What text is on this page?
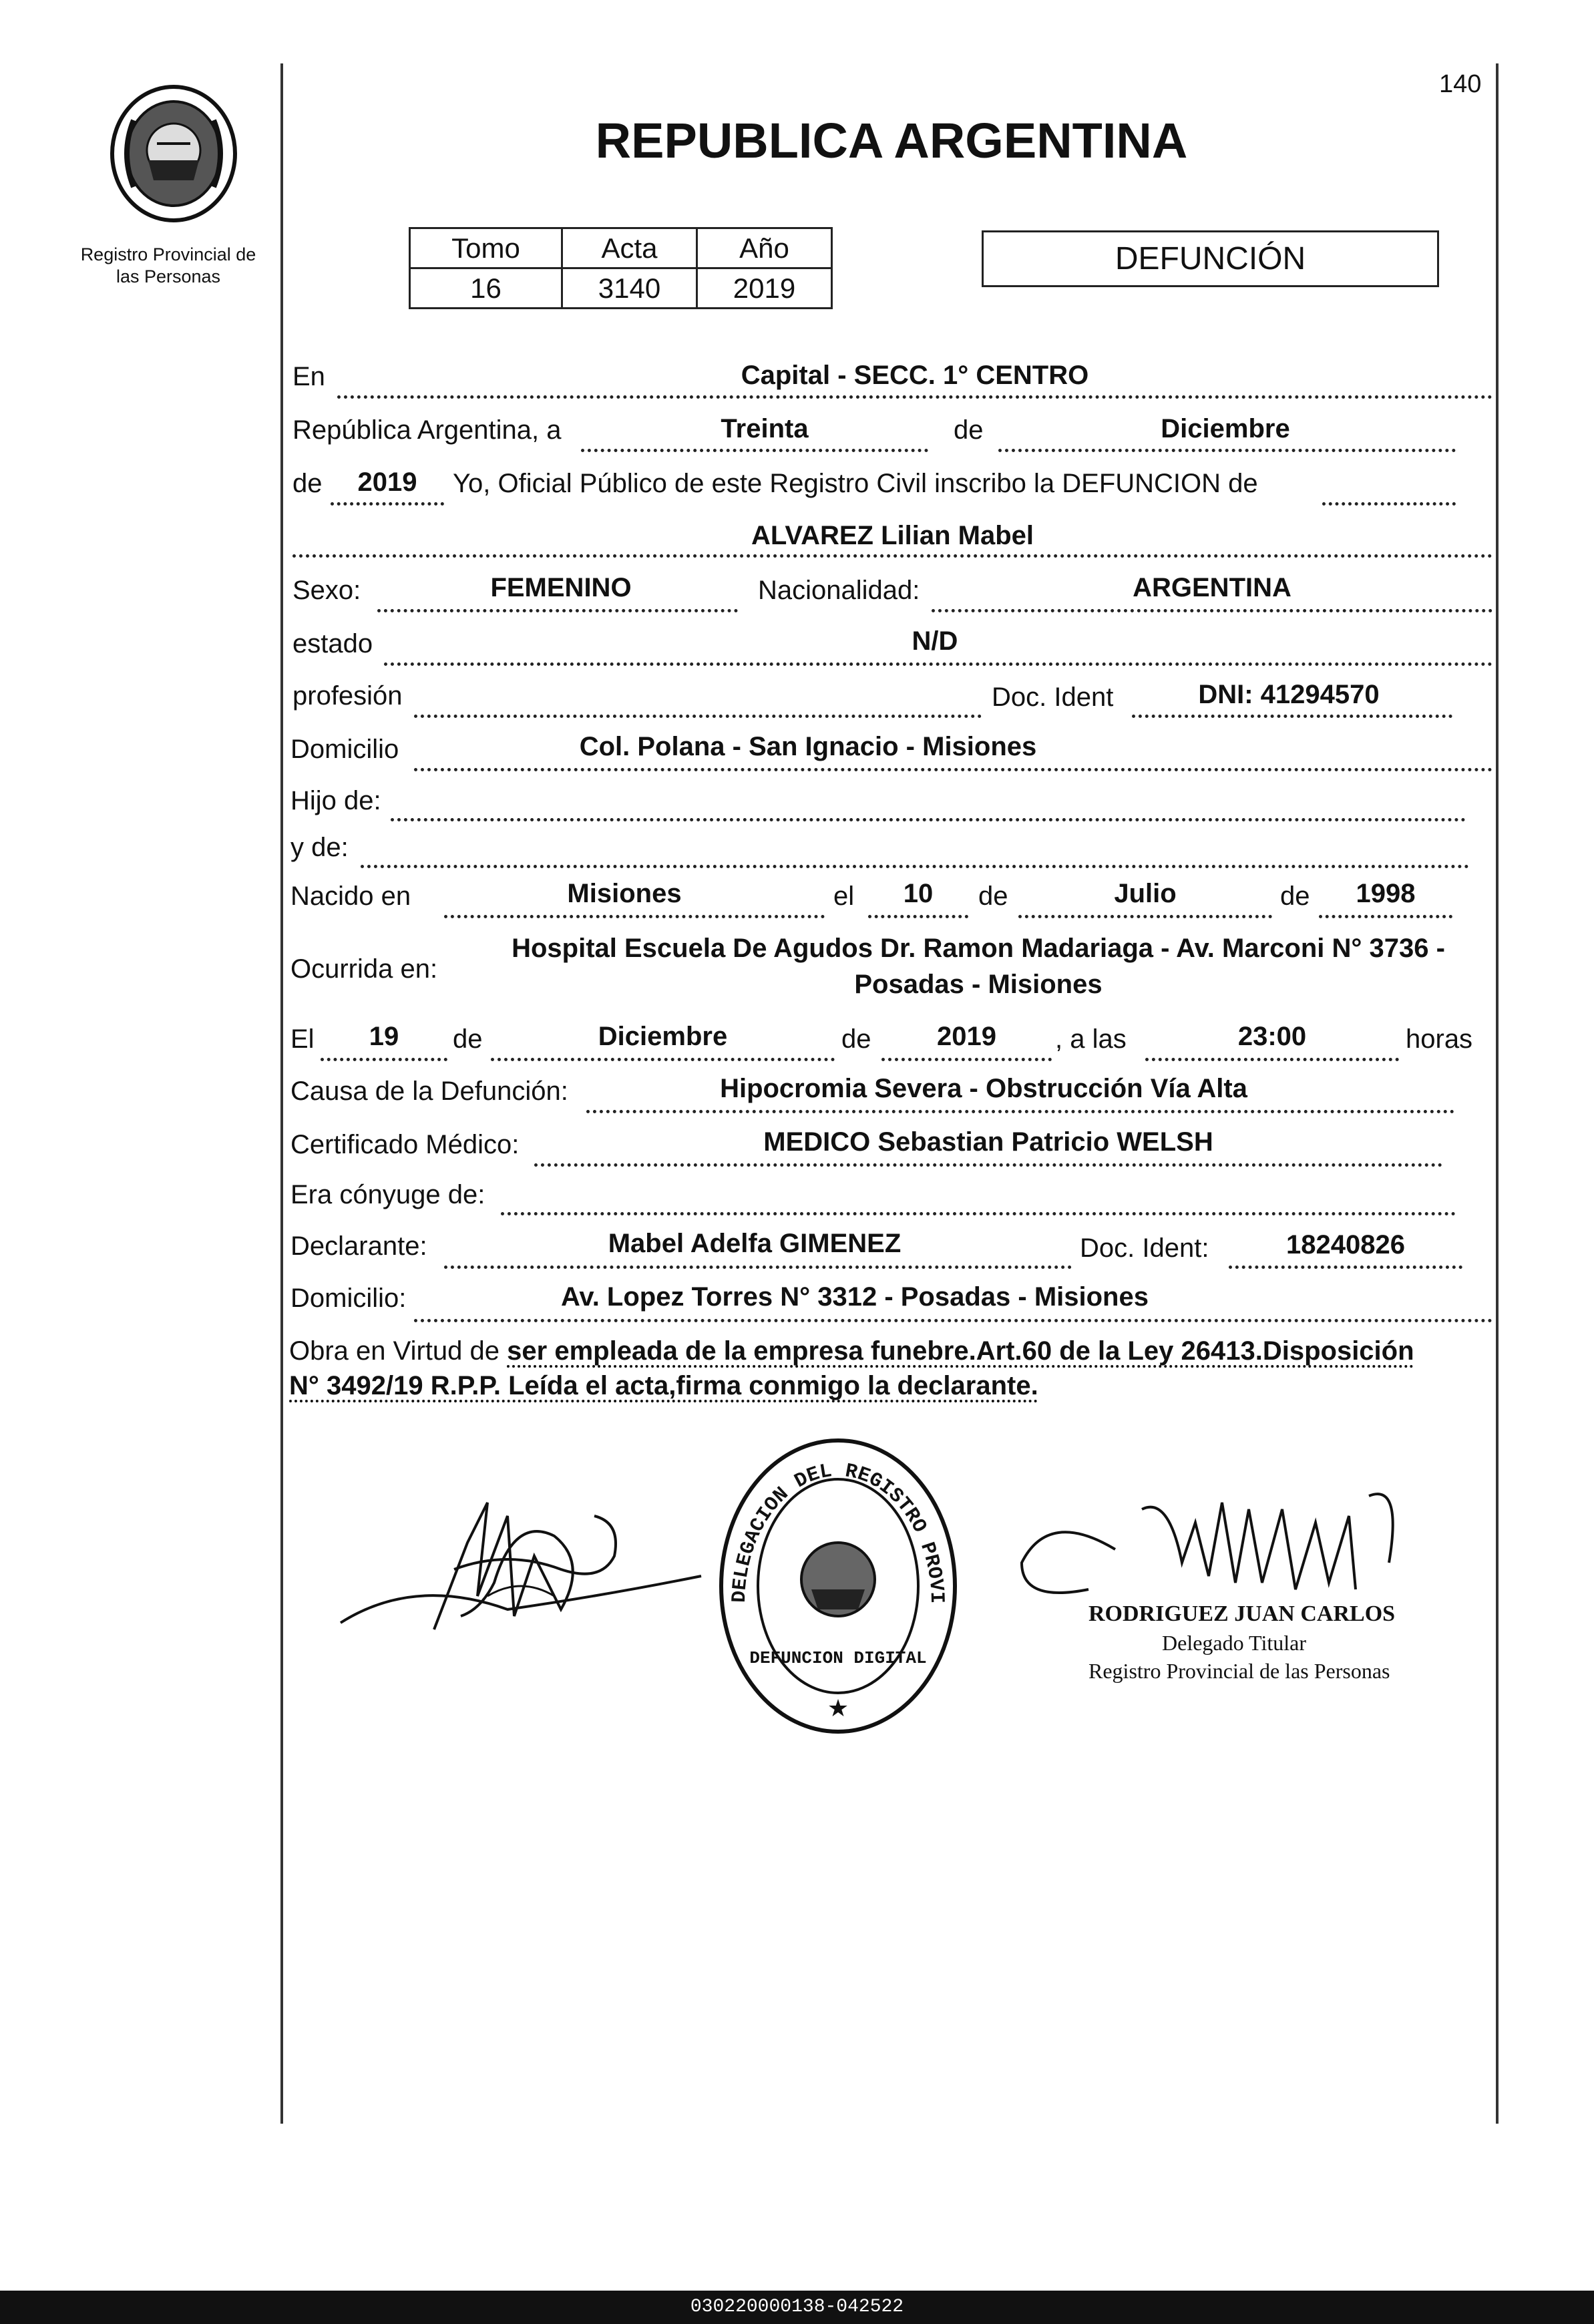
Registro Provincial de
las Personas
140
REPUBLICA ARGENTINA
Tomo	Acta	Año
16	3140	2019
DEFUNCIÓN
En	Capital - SECC. 1° CENTRO
República Argentina, a	Treinta	de	Diciembre
de	2019	Yo, Oficial Público de este Registro Civil inscribo la DEFUNCION de
ALVAREZ Lilian Mabel
Sexo:	FEMENINO	Nacionalidad:	ARGENTINA
estado	N/D
profesión	Doc. Ident	DNI: 41294570
Domicilio	Col. Polana - San Ignacio - Misiones
Hijo de:
y de:
Nacido en	Misiones	el	10	de	Julio	de	1998
Ocurrida en:
Hospital Escuela De Agudos Dr. Ramon Madariaga - Av. Marconi N° 3736 -
Posadas - Misiones
El	19	de	Diciembre	de	2019	, a las	23:00	horas
Causa de la Defunción:	Hipocromia Severa - Obstrucción Vía Alta
Certificado Médico:	MEDICO Sebastian Patricio WELSH
Era cónyuge de:
Declarante:	Mabel Adelfa GIMENEZ	Doc. Ident:	18240826
Domicilio:	Av. Lopez Torres N° 3312 - Posadas - Misiones
Obra en Virtud de ser empleada de la empresa funebre.Art.60 de la Ley 26413.Disposición
N° 3492/19 R.P.P. Leída el acta,firma conmigo la declarante.
DELEGACION DEL REGISTRO PROVI
DEFUNCION DIGITAL
★
RODRIGUEZ JUAN CARLOS
Delegado Titular
Registro Provincial de las Personas
030220000138-042522
